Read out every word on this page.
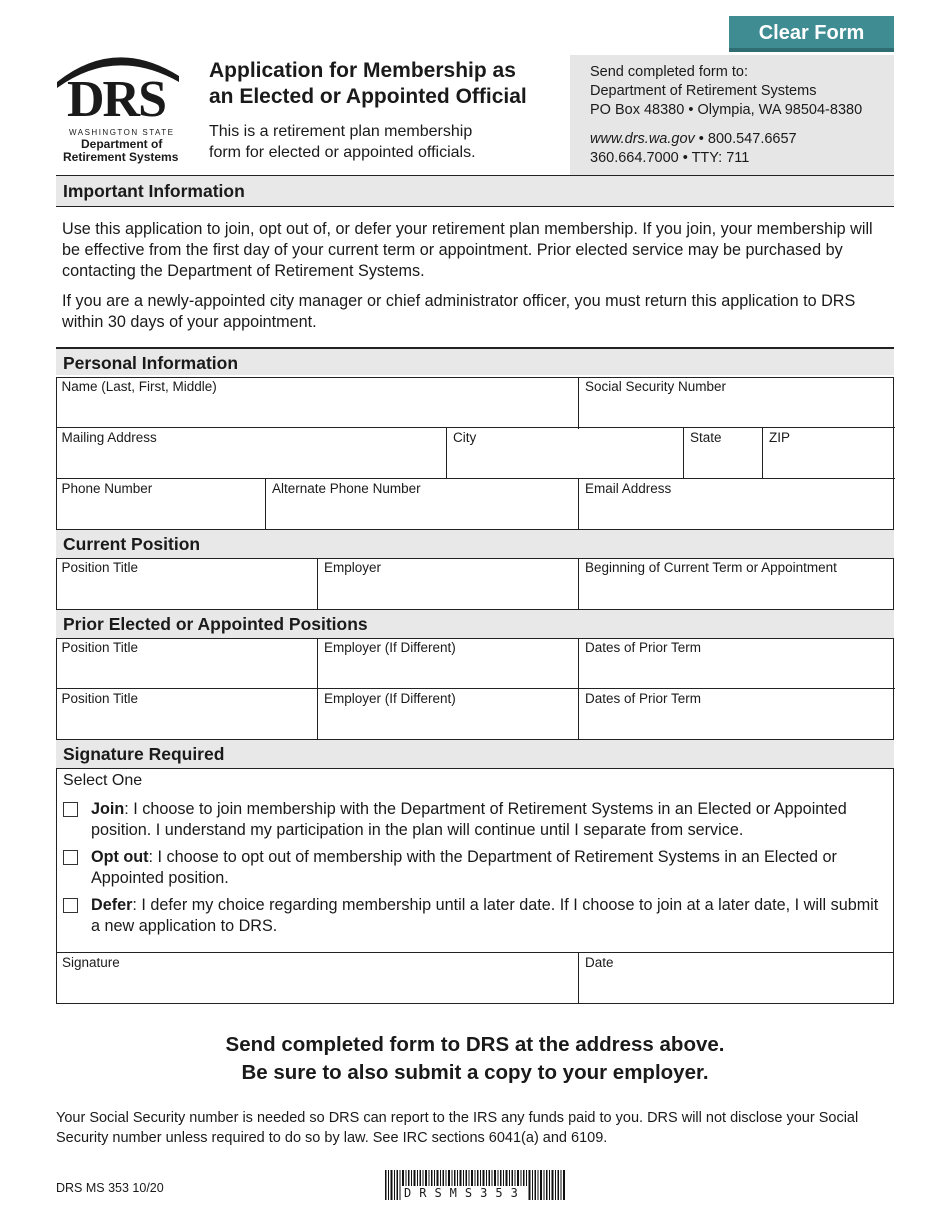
Clear Form
DRS
WASHINGTON STATE
Department of
Retirement Systems
Application for Membership as
an Elected or Appointed Official
This is a retirement plan membership
form for elected or appointed officials.
Send completed form to:
Department of Retirement Systems
PO Box 48380 • Olympia, WA 98504-8380
www.drs.wa.gov • 800.547.6657
360.664.7000 • TTY: 711
Important Information
Use this application to join, opt out of, or defer your retirement plan membership. If you join, your membership will be effective from the first day of your current term or appointment. Prior elected service may be purchased by contacting the Department of Retirement Systems.
If you are a newly-appointed city manager or chief administrator officer, you must return this application to DRS within 30 days of your appointment.
Personal Information
Name (Last, First, Middle)	Social Security Number
Mailing Address	City	State	ZIP
Phone Number	Alternate Phone Number	Email Address
Current Position
Position Title	Employer	Beginning of Current Term or Appointment
Prior Elected or Appointed Positions
Position Title	Employer (If Different)	Dates of Prior Term
Position Title	Employer (If Different)	Dates of Prior Term
Signature Required
Select One
Join: I choose to join membership with the Department of Retirement Systems in an Elected or Appointed position. I understand my participation in the plan will continue until I separate from service.
Opt out: I choose to opt out of membership with the Department of Retirement Systems in an Elected or Appointed position.
Defer: I defer my choice regarding membership until a later date. If I choose to join at a later date, I will submit a new application to DRS.
Signature	Date
Send completed form to DRS at the address above.
Be sure to also submit a copy to your employer.
Your Social Security number is needed so DRS can report to the IRS any funds paid to you. DRS will not disclose your Social Security number unless required to do so by law. See IRC sections 6041(a) and 6109.
DRS MS 353 10/20	DRSMS353
